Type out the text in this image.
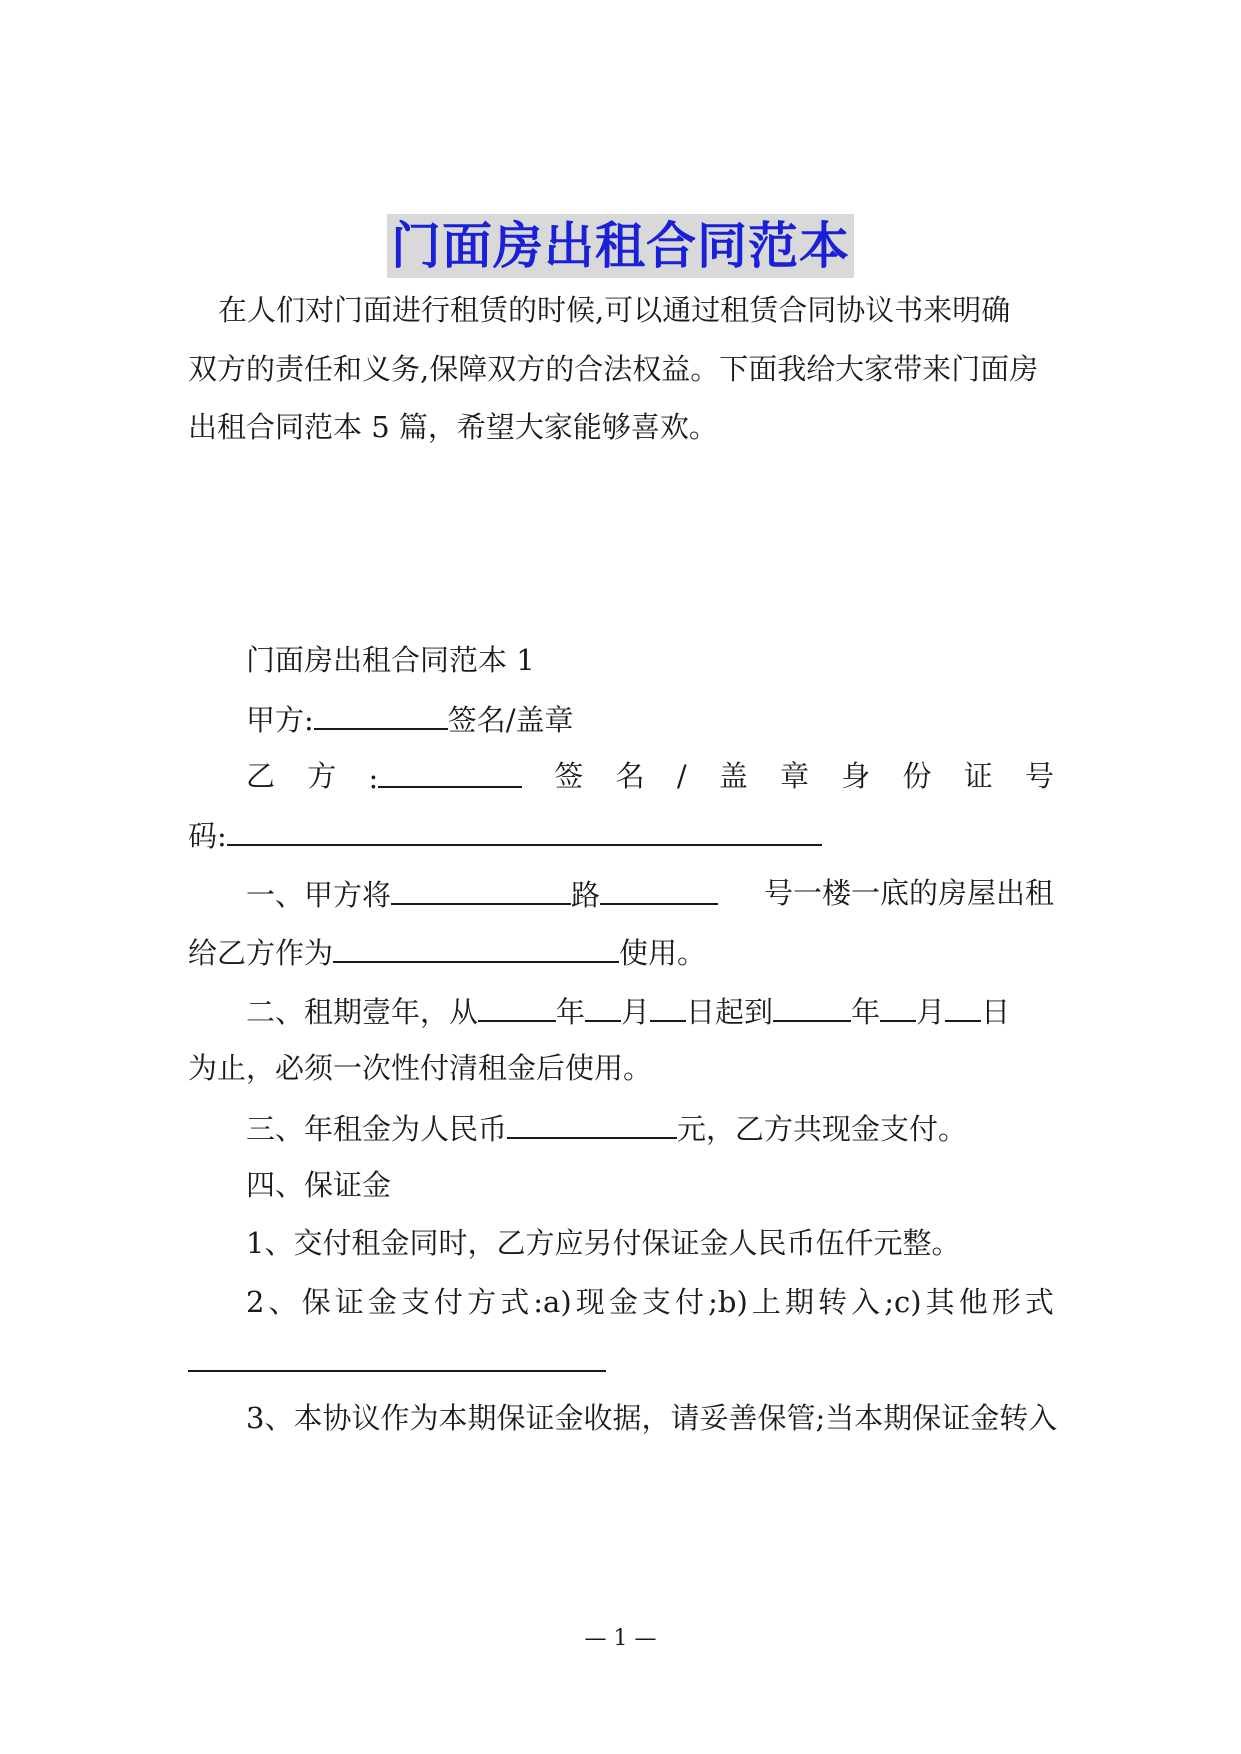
门面房出租合同范本
在人们对门面进行租赁的时候,可以通过租赁合同协议书来明确
双方的责任和义务,保障双方的合法权益。下面我给大家带来门面房
出租合同范本 5 篇，希望大家能够喜欢。
门面房出租合同范本 1
甲方:	签名/盖章
乙 方 :	签 名 / 盖 章 身 份 证 号
码:
一、甲方将	路	号一楼一底的房屋出租
给乙方作为	使用。
二、租期壹年，从	年 月 日起到	年 月 日
为止，必须一次性付清租金后使用。
三、年租金为人民币	元，乙方共现金支付。
四、保证金
1、交付租金同时，乙方应另付保证金人民币伍仟元整。
2 、 保 证 金 支 付 方 式 :a) 现 金 支 付 ;b) 上 期 转 入 ;c) 其 他 形 式
3、本协议作为本期保证金收据，请妥善保管;当本期保证金转入
— 1 —
